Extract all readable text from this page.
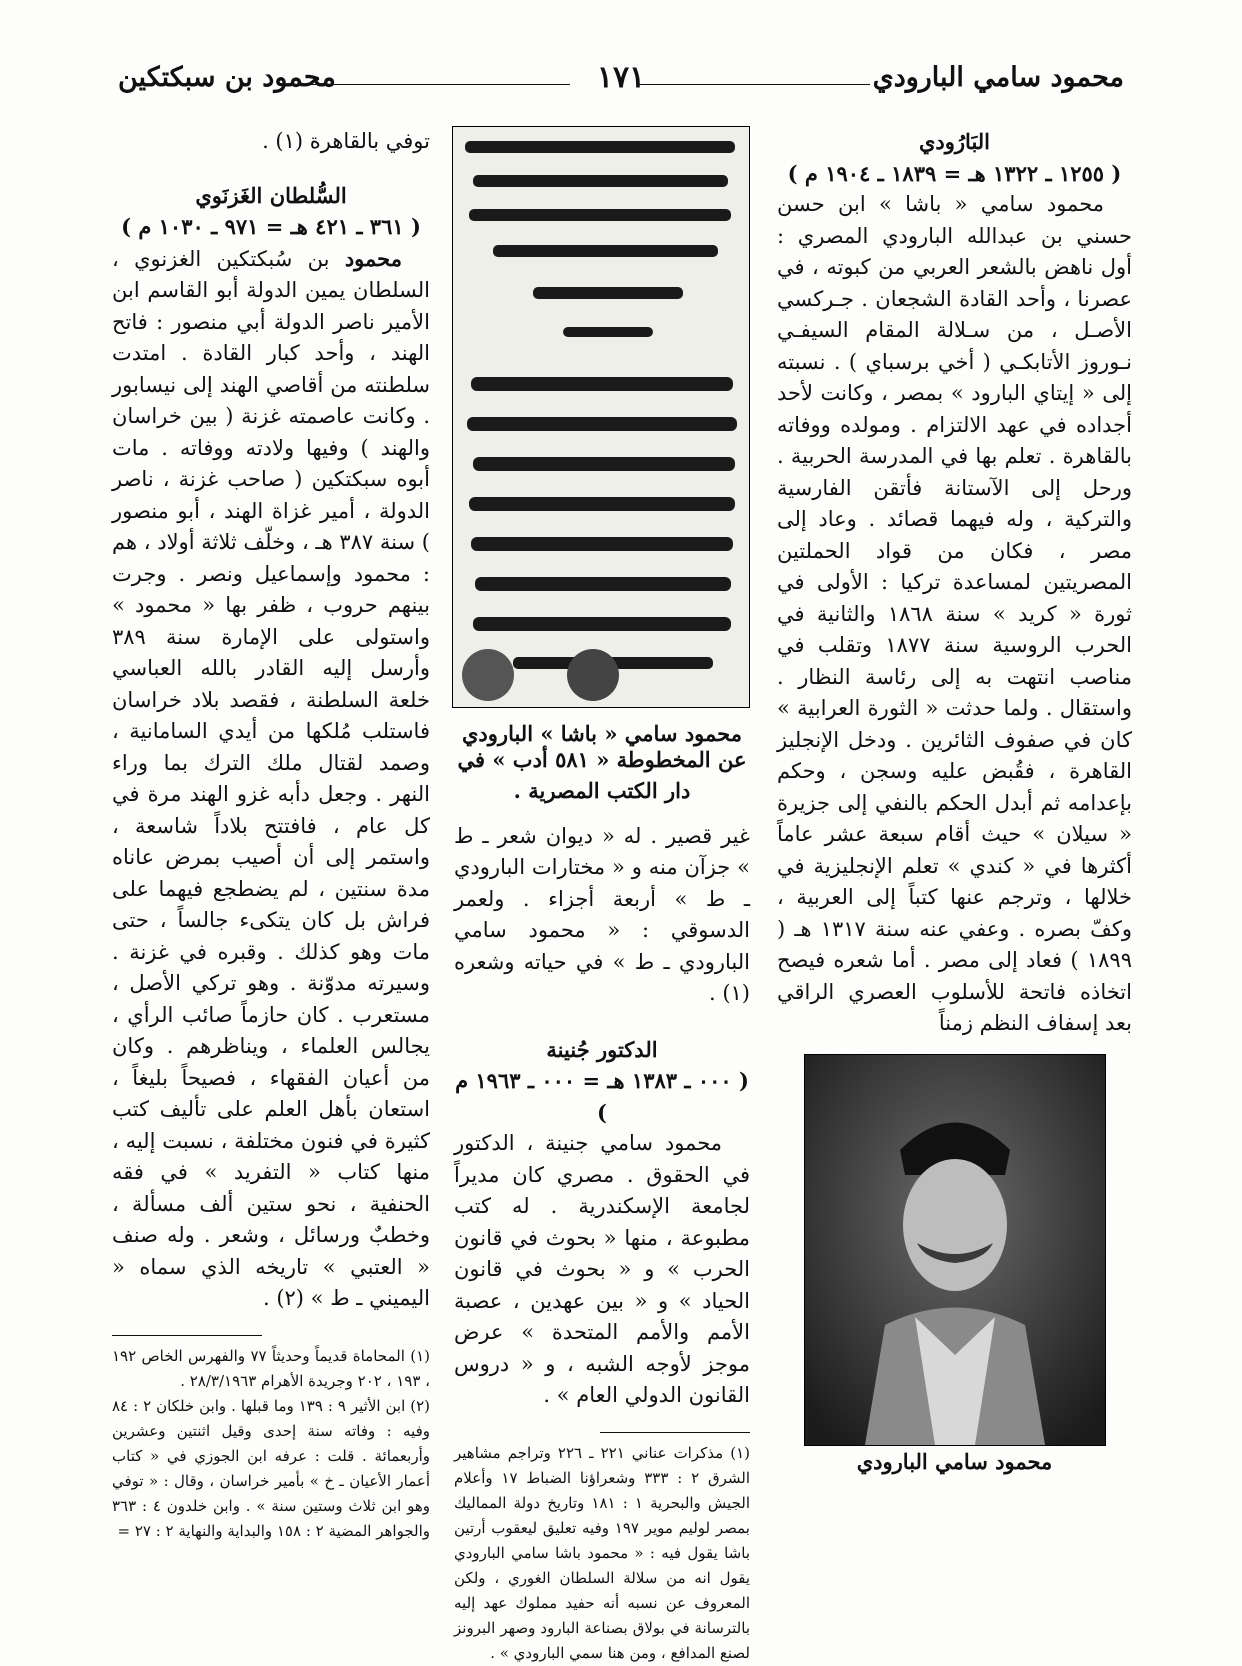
محمود سامي البارودي
١٧١
محمود بن سبكتكين

البَارُودي

( ١٢٥٥ ـ ١٣٢٢ هـ = ١٨٣٩ ـ ١٩٠٤ م )

محمود سامي « باشا » ابن حسن حسني بن عبدالله البارودي المصري : أول ناهض بالشعر العربي من كبوته ، في عصرنا ، وأحد القادة الشجعان . جـركسي الأصـل ، من سـلالة المقام السيفـي نـوروز الأتابكـي ( أخي برسباي ) . نسبته إلى « إيتاي البارود » بمصر ، وكانت لأحد أجداده في عهد الالتزام . ومولده ووفاته بالقاهرة . تعلم بها في المدرسة الحربية . ورحل إلى الآستانة فأتقن الفارسية والتركية ، وله فيهما قصائد . وعاد إلى مصر ، فكان من قواد الحملتين المصريتين لمساعدة تركيا : الأولى في ثورة « كريد » سنة ١٨٦٨ والثانية في الحرب الروسية سنة ١٨٧٧ وتقلب في مناصب انتهت به إلى رئاسة النظار . واستقال . ولما حدثت « الثورة العرابية » كان في صفوف الثائرين . ودخل الإنجليز القاهرة ، فقُبض عليه وسجن ، وحكم بإعدامه ثم أبدل الحكم بالنفي إلى جزيرة « سيلان » حيث أقام سبعة عشر عاماً أكثرها في « كندي » تعلم الإنجليزية في خلالها ، وترجم عنها كتباً إلى العربية ، وكفّ بصره . وعفي عنه سنة ١٣١٧ هـ ( ١٨٩٩ ) فعاد إلى مصر . أما شعره فيصح اتخاذه فاتحة للأسلوب العصري الراقي بعد إسفاف النظم زمناً

محمود سامي البارودي

محمود سامي « باشا » البارودي

عن المخطوطة « ٥٨١ أدب » في دار الكتب المصرية .

غير قصير . له « ديوان شعر ـ ط » جزآن منه و « مختارات البارودي ـ ط » أربعة أجزاء . ولعمر الدسوقي : « محمود سامي البارودي ـ ط » في حياته وشعره (١) .

الدكتور جُنينة

( ٠٠٠ ـ ١٣٨٣ هـ = ٠٠٠ ـ ١٩٦٣ م )

محمود سامي جنينة ، الدكتور في الحقوق . مصري كان مديراً لجامعة الإسكندرية . له كتب مطبوعة ، منها « بحوث في قانون الحرب » و « بحوث في قانون الحياد » و « بين عهدين ، عصبة الأمم والأمم المتحدة » عرض موجز لأوجه الشبه ، و « دروس القانون الدولي العام » .

(١) مذكرات عناني ٢٢١ ـ ٢٢٦ وتراجم مشاهير الشرق ٢ : ٣٣٣ وشعراؤنا الضباط ١٧ وأعلام الجيش والبحرية ١ : ١٨١ وتاريخ دولة المماليك بمصر لوليم موير ١٩٧ وفيه تعليق ليعقوب أرتين باشا يقول فيه : « محمود باشا سامي البارودي يقول انه من سلالة السلطان الغوري ، ولكن المعروف عن نسبه أنه حفيد مملوك عهد إليه بالترسانة في بولاق بصناعة البارود وصهر البرونز لصنع المدافع ، ومن هنا سمي البارودي » .

توفي بالقاهرة (١) .

السُّلطان الغَزنَوي

( ٣٦١ ـ ٤٢١ هـ = ٩٧١ ـ ١٠٣٠ م )

محمود بن سُبكتكين الغزنوي ، السلطان يمين الدولة أبو القاسم ابن الأمير ناصر الدولة أبي منصور : فاتح الهند ، وأحد كبار القادة . امتدت سلطنته من أقاصي الهند إلى نيسابور . وكانت عاصمته غزنة ( بين خراسان والهند ) وفيها ولادته ووفاته . مات أبوه سبكتكين ( صاحب غزنة ، ناصر الدولة ، أمير غزاة الهند ، أبو منصور ) سنة ٣٨٧ هـ ، وخلّف ثلاثة أولاد ، هم : محمود وإسماعيل ونصر . وجرت بينهم حروب ، ظفر بها « محمود » واستولى على الإمارة سنة ٣٨٩ وأرسل إليه القادر بالله العباسي خلعة السلطنة ، فقصد بلاد خراسان فاستلب مُلكها من أيدي السامانية ، وصمد لقتال ملك الترك بما وراء النهر . وجعل دأبه غزو الهند مرة في كل عام ، فافتتح بلاداً شاسعة ، واستمر إلى أن أصيب بمرض عاناه مدة سنتين ، لم يضطجع فيهما على فراش بل كان يتكىء جالساً ، حتى مات وهو كذلك . وقبره في غزنة . وسيرته مدوّنة . وهو تركي الأصل ، مستعرب . كان حازماً صائب الرأي ، يجالس العلماء ، ويناظرهم . وكان من أعيان الفقهاء ، فصيحاً بليغاً ، استعان بأهل العلم على تأليف كتب كثيرة في فنون مختلفة ، نسبت إليه ، منها كتاب « التفريد » في فقه الحنفية ، نحو ستين ألف مسألة ، وخطبٌ ورسائل ، وشعر . وله صنف « العتبي » تاريخه الذي سماه « اليميني ـ ط » (٢) .

(١) المحاماة قديماً وحديثاً ٧٧ والفهرس الخاص ١٩٢ ، ١٩٣ ، ٢٠٢ وجريدة الأهرام ٢٨/٣/١٩٦٣ .

(٢) ابن الأثير ٩ : ١٣٩ وما قبلها . وابن خلكان ٢ : ٨٤ وفيه : وفاته سنة إحدى وقيل اثنتين وعشرين وأربعمائة . قلت : عرفه ابن الجوزي في « كتاب أعمار الأعيان ـ خ » بأمير خراسان ، وقال : « توفي وهو ابن ثلاث وستين سنة » . وابن خلدون ٤ : ٣٦٣ والجواهر المضية ٢ : ١٥٨ والبداية والنهاية ٢ : ٢٧ =
